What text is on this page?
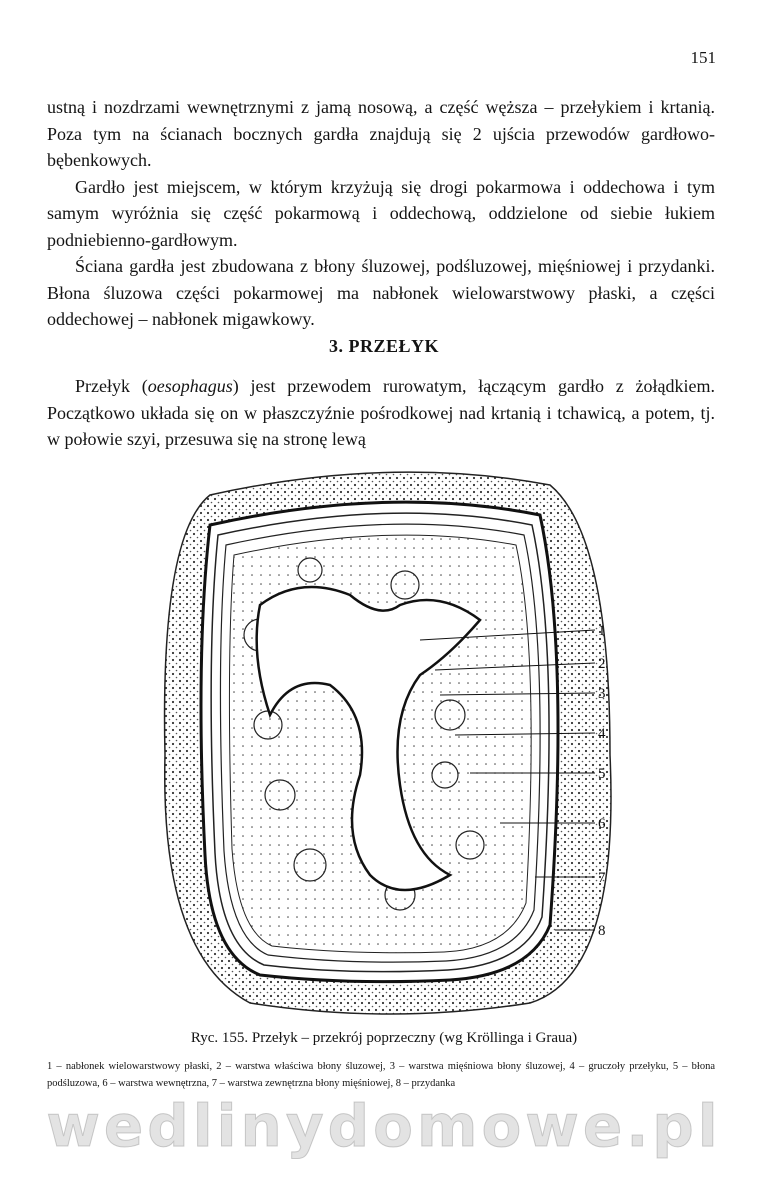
151

ustną i nozdrzami wewnętrznymi z jamą nosową, a część węższa – przełykiem i krtanią. Poza tym na ścianach bocznych gardła znajdują się 2 ujścia przewodów gardłowo-bębenkowych.

Gardło jest miejscem, w którym krzyżują się drogi pokarmowa i oddechowa i tym samym wyróżnia się część pokarmową i oddechową, oddzielone od siebie łukiem podniebienno-gardłowym.

Ściana gardła jest zbudowana z błony śluzowej, podśluzowej, mięśniowej i przydanki. Błona śluzowa części pokarmowej ma nabłonek wielowarstwowy płaski, a części oddechowej – nabłonek migawkowy.

3. PRZEŁYK

Przełyk (oesophagus) jest przewodem rurowatym, łączącym gardło z żołądkiem. Początkowo układa się on w płaszczyźnie pośrodkowej nad krtanią i tchawicą, a potem, tj. w połowie szyi, przesuwa się na stronę lewą

1
2
3
4
5
6
7
8
Ryc. 155. Przełyk – przekrój poprzeczny (wg Kröllinga i Graua)
1 – nabłonek wielowarstwowy płaski, 2 – warstwa właściwa błony śluzowej, 3 – warstwa mięśniowa błony śluzowej, 4 – gruczoły przełyku, 5 – błona podśluzowa, 6 – warstwa wewnętrzna, 7 – warstwa zewnętrzna błony mięśniowej, 8 – przydanka
wedlinydomowe.pl
